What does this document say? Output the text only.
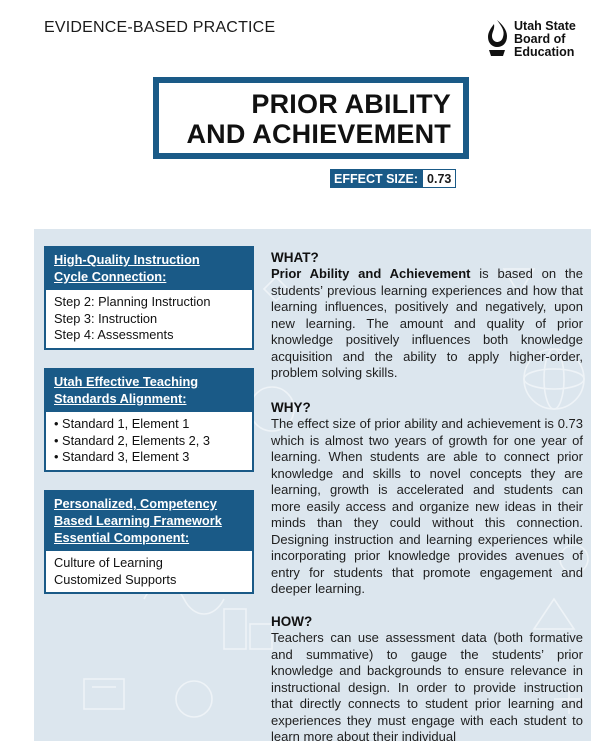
EVIDENCE-BASED PRACTICE	Utah State
Board of
Education
PRIOR ABILITY
AND ACHIEVEMENT
EFFECT SIZE: 0.73
High-Quality Instruction
Cycle Connection:
Step 2: Planning Instruction
Step 3: Instruction
Step 4: Assessments
Utah Effective Teaching
Standards Alignment:
• Standard 1, Element 1
• Standard 2, Elements 2, 3
• Standard 3, Element 3
Personalized, Competency
Based Learning Framework
Essential Component:
Culture of Learning
Customized Supports
WHAT?

Prior Ability and Achievement is based on the students’ previous learning experiences and how that learning influences, positively and negatively, upon new learning. The amount and quality of prior knowledge positively influences both knowledge acquisition and the ability to apply higher-order, problem solving skills.

WHY?

The effect size of prior ability and achievement is 0.73 which is almost two years of growth for one year of learning. When students are able to connect prior knowledge and skills to novel concepts they are learning, growth is accelerated and students can more easily access and organize new ideas in their minds than they could without this connection. Designing instruction and learning experiences while incorporating prior knowledge provides avenues of entry for students that promote engagement and deeper learning.

HOW?

Teachers can use assessment data (both formative and summative) to gauge the students’ prior knowledge and backgrounds to ensure relevance in instructional design. In order to provide instruction that directly connects to student prior learning and experiences they must engage with each student to learn more about their individual
